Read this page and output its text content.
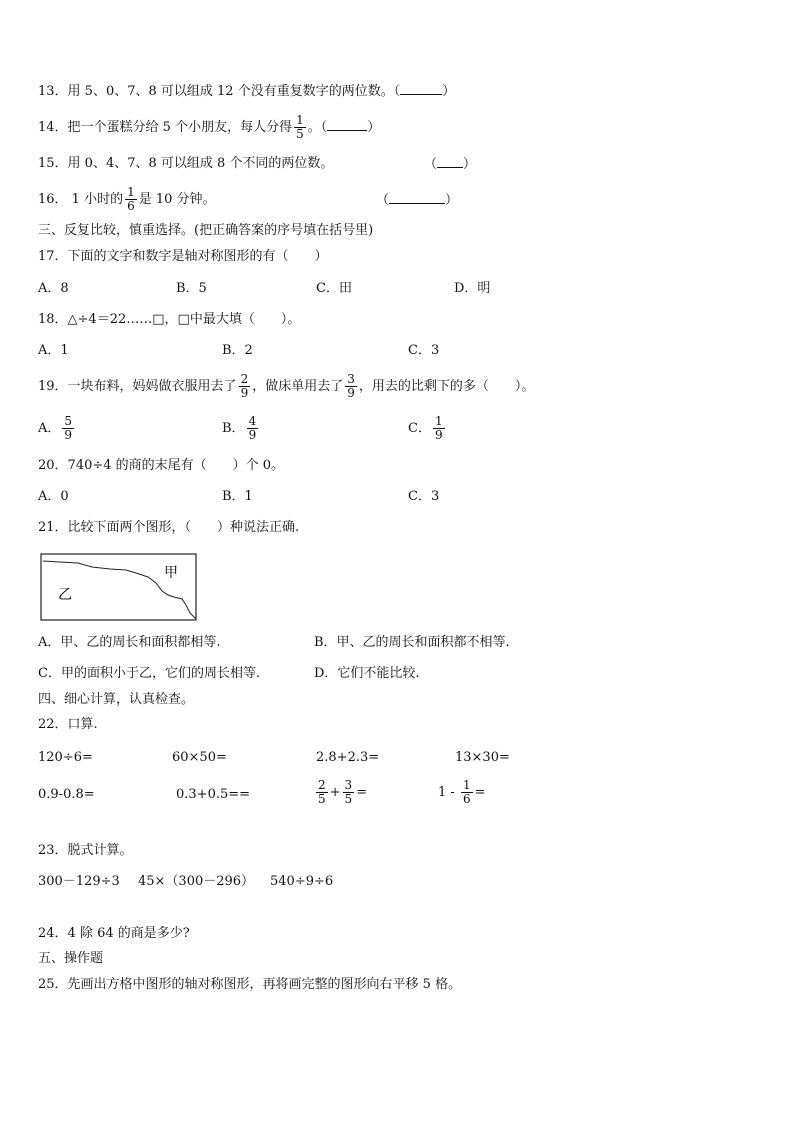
13．用 5、0、7、8 可以组成 12 个没有重复数字的两位数。（	）
14．把一个蛋糕分给 5 个小朋友，每人分得 $\frac{1}{5}$ 。（	）
15．用 0、4、7、8 可以组成 8 个不同的两位数。	（ ）
16． 1 小时的 $\frac{1}{6}$ 是 10 分钟。	（	）
三、反复比较，慎重选择。(把正确答案的序号填在括号里)
17．下面的文字和数字是轴对称图形的有（　　）
A．8	B．5	C．田	D．明
18．△÷4＝22……□，□中最大填（　　）。
A．1	B．2	C．3
19．一块布料，妈妈做衣服用去了 $\frac{2}{9}$ ，做床单用去了 $\frac{3}{9}$ ，用去的比剩下的多（　　）。
A． $\frac{5}{9}$	B． $\frac{4}{9}$	C． $\frac{1}{9}$
20．740÷4 的商的末尾有（　　）个 0。
A．0	B．1	C．3
21．比较下面两个图形，（　　）种说法正确.
甲
乙
A．甲、乙的周长和面积都相等.	B．甲、乙的周长和面积都不相等.
C．甲的面积小于乙，它们的周长相等.	D．它们不能比较.
四、细心计算，认真检查。
22．口算.
120÷6=	60×50=	2.8+2.3=	13×30=
0.9-0.8=	0.3+0.5==	$\frac{2}{5} + \frac{3}{5}$ =	$1 - \frac{1}{6}$ =
23．脱式计算。
300－129÷3 45×（300－296） 540÷9÷6
24．4 除 64 的商是多少?
五、操作题
25．先画出方格中图形的轴对称图形，再将画完整的图形向右平移 5 格。
